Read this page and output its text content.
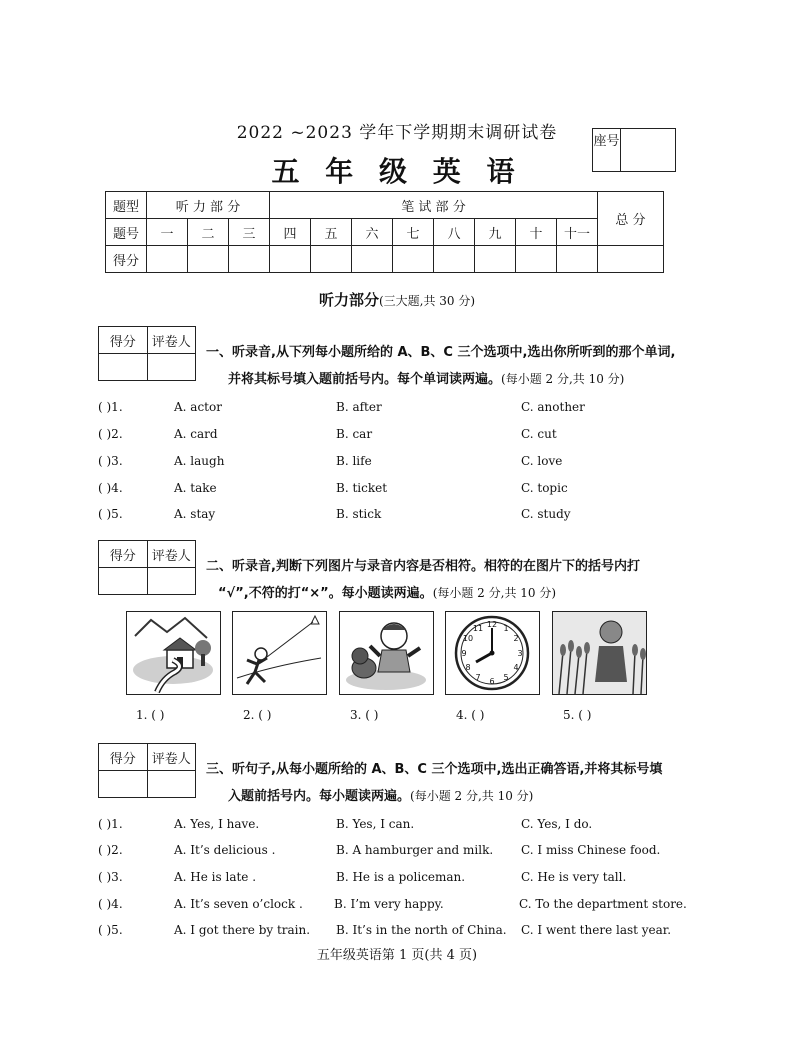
2022 ~2023 学年下学期期末调研试卷
五 年 级 英 语
座号
题型	听 力 部 分			笔 试 部 分								总 分
题号	一	二	三	四	五	六	七	八	九	十	十一	
得分												
听力部分(三大题,共 30 分)
得分	评卷人

一、听录音,从下列每小题所给的 A、B、C 三个选项中,选出你所听到的那个单词,
并将其标号填入题前括号内。每个单词读两遍。(每小题 2 分,共 10 分)
( )1.	A. actor	B. after	C. another
( )2.	A. card	B. car	C. cut
( )3.	A. laugh	B. life	C. love
( )4.	A. take	B. ticket	C. topic
( )5.	A. stay	B. stick	C. study
得分	评卷人

二、听录音,判断下列图片与录音内容是否相符。相符的在图片下的括号内打
“√”,不符的打“×”。每小题读两遍。(每小题 2 分,共 10 分)
12 1
2
3
4
5
6
7
8
9
10
11
1. ( )	2. ( )	3. ( )	4. ( )	5. ( )
得分	评卷人

三、听句子,从每小题所给的 A、B、C 三个选项中,选出正确答语,并将其标号填
入题前括号内。每小题读两遍。(每小题 2 分,共 10 分)
( )1.	A. Yes, I have.	B. Yes, I can.	C. Yes, I do.
( )2.	A. It’s delicious .	B. A hamburger and milk. C. I miss Chinese food.
( )3.	A. He is late .	B. He is a policeman.	C. He is very tall.
( )4.	A. It’s seven o’clock .	B. I’m very happy.	C. To the department store.
( )5.	A. I got there by train. B. It’s in the north of China. C. I went there last year.
五年级英语第 1 页(共 4 页)
